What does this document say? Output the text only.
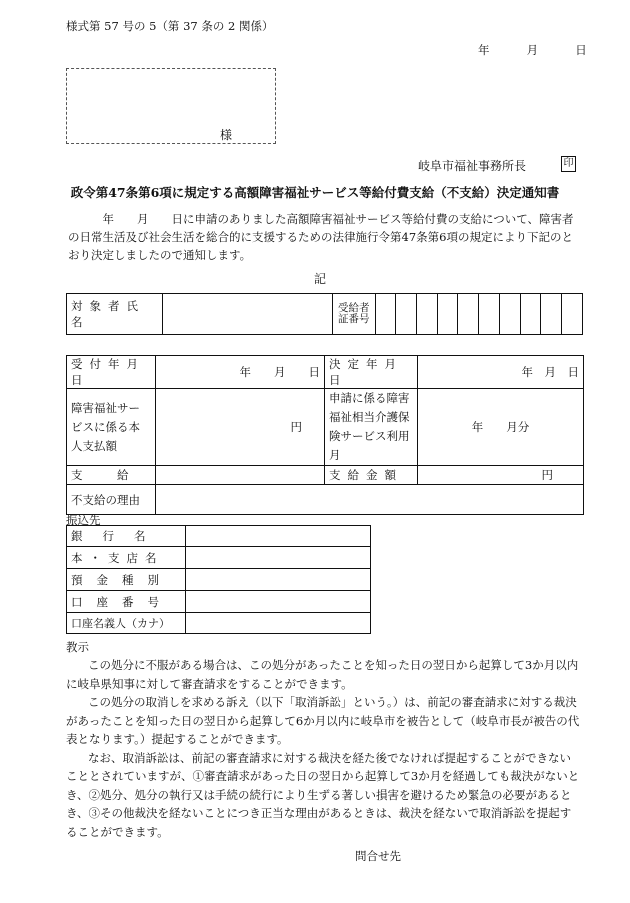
様式第 57 号の 5（第 37 条の 2 関係）
年　 月　 日
様
岐阜市福祉事務所長	印
政令第47条第6項に規定する高額障害福祉サービス等給付費支給（不支給）決定通知書
　　　年　　月　　日に申請のありました高額障害福祉サービス等給付費の支給について、障害者の日常生活及び社会生活を総合的に支援するための法律施行令第47条第6項の規定により下記のとおり決定しましたので通知します。
記
対象者氏名		受給者証番号										
受付年月日	年　　月　　日	決定年月日	年　月　日
障害福祉サービスに係る本人支払額	円	申請に係る障害福祉相当介護保険サービス利用月	年　　月分
支　　　給		支給金額	円
不支給の理由			
振込先
銀行名	
本・支店名	
預金種別	
口座番号	
口座名義人（カナ）	
教示

この処分に不服がある場合は、この処分があったことを知った日の翌日から起算して3か月以内に岐阜県知事に対して審査請求をすることができます。

この処分の取消しを求める訴え（以下「取消訴訟」という。）は、前記の審査請求に対する裁決があったことを知った日の翌日から起算して6か月以内に岐阜市を被告として（岐阜市長が被告の代表となります。）提起することができます。

なお、取消訴訟は、前記の審査請求に対する裁決を経た後でなければ提起することができないこととされていますが、①審査請求があった日の翌日から起算して3か月を経過しても裁決がないとき、②処分、処分の執行又は手続の続行により生ずる著しい損害を避けるため緊急の必要があるとき、③その他裁決を経ないことにつき正当な理由があるときは、裁決を経ないで取消訴訟を提起することができます。

問合せ先
